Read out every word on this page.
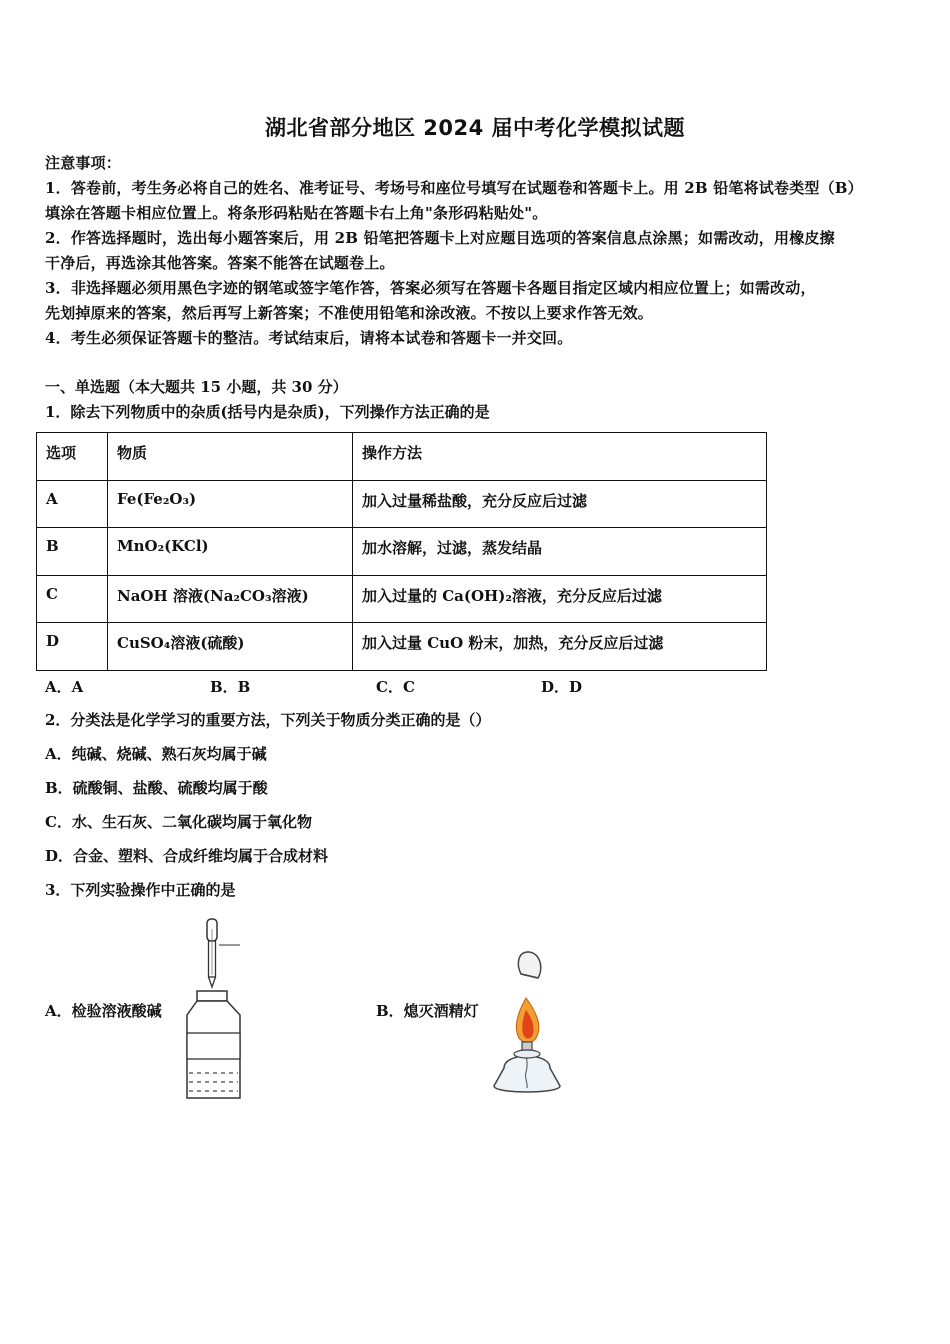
湖北省部分地区 2024 届中考化学模拟试题
注意事项：
1．答卷前，考生务必将自己的姓名、准考证号、考场号和座位号填写在试题卷和答题卡上。用 2B 铅笔将试卷类型（B）
填涂在答题卡相应位置上。将条形码粘贴在答题卡右上角"条形码粘贴处"。
2．作答选择题时，选出每小题答案后，用 2B 铅笔把答题卡上对应题目选项的答案信息点涂黑；如需改动，用橡皮擦
干净后，再选涂其他答案。答案不能答在试题卷上。
3．非选择题必须用黑色字迹的钢笔或签字笔作答，答案必须写在答题卡各题目指定区域内相应位置上；如需改动，
先划掉原来的答案，然后再写上新答案；不准使用铅笔和涂改液。不按以上要求作答无效。
4．考生必须保证答题卡的整洁。考试结束后，请将本试卷和答题卡一并交回。
一、单选题（本大题共 15 小题，共 30 分）
1．除去下列物质中的杂质(括号内是杂质)，下列操作方法正确的是
选项	物质	操作方法
A	Fe(Fe₂O₃)	加入过量稀盐酸，充分反应后过滤
B	MnO₂(KCl)	加水溶解，过滤，蒸发结晶
C	NaOH 溶液(Na₂CO₃溶液)	加入过量的 Ca(OH)₂溶液，充分反应后过滤
D	CuSO₄溶液(硫酸)	加入过量 CuO 粉末，加热，充分反应后过滤
A．A	B．B	C．C	D．D
2．分类法是化学学习的重要方法，下列关于物质分类正确的是（）
A．纯碱、烧碱、熟石灰均属于碱
B．硫酸铜、盐酸、硫酸均属于酸
C．水、生石灰、二氧化碳均属于氧化物
D．合金、塑料、合成纤维均属于合成材料
3．下列实验操作中正确的是
A．检验溶液酸碱	B．熄灭酒精灯
